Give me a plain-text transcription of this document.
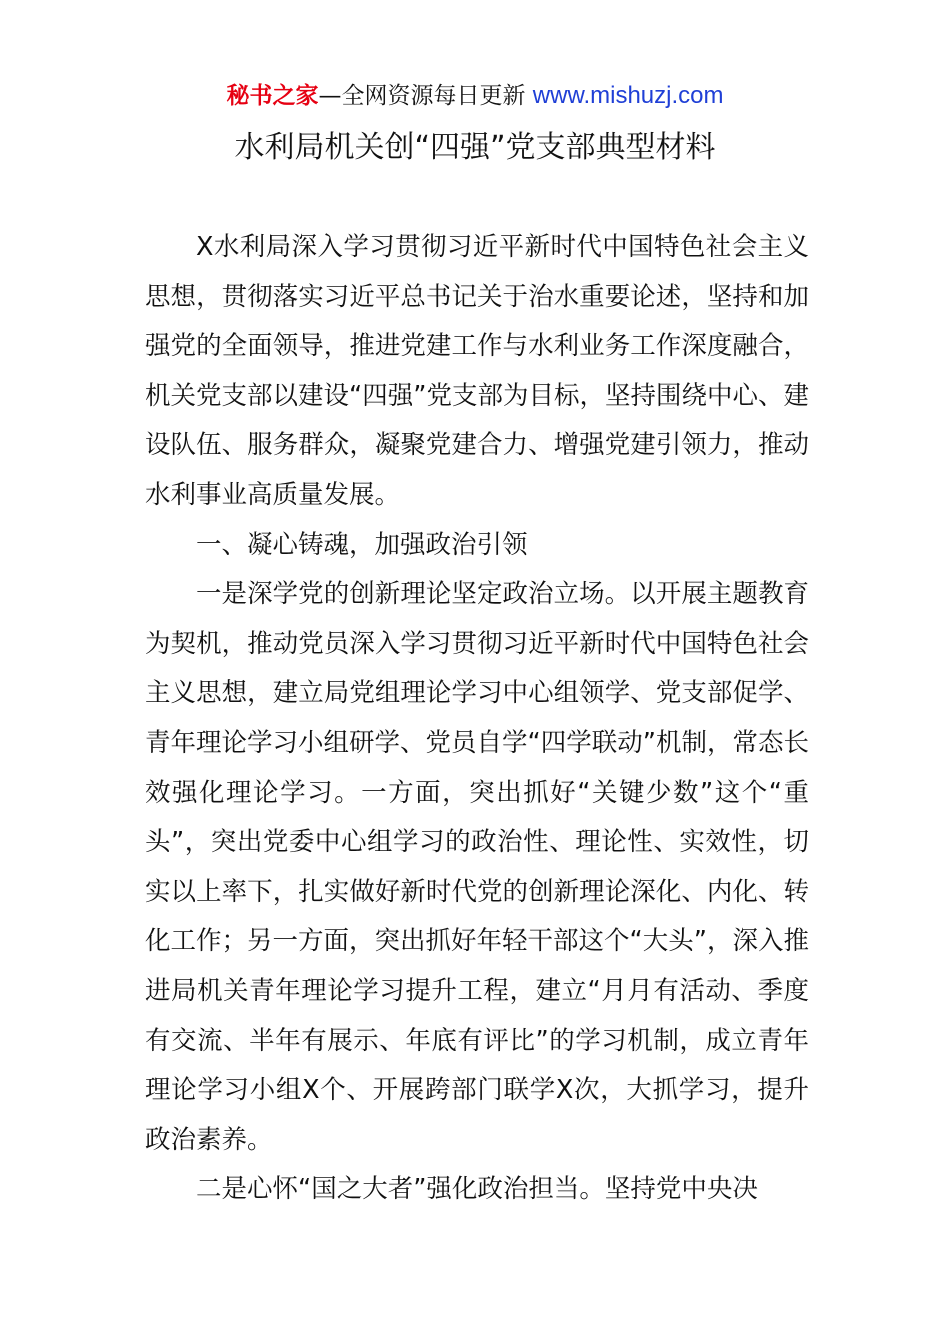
秘书之家—全网资源每日更新 www.mishuzj.com
水利局机关创“四强”党支部典型材料

X水利局深入学习贯彻习近平新时代中国特色社会主义思想，贯彻落实习近平总书记关于治水重要论述，坚持和加强党的全面领导，推进党建工作与水利业务工作深度融合，机关党支部以建设“四强”党支部为目标，坚持围绕中心、建设队伍、服务群众，凝聚党建合力、增强党建引领力，推动水利事业高质量发展。

一、凝心铸魂，加强政治引领

一是深学党的创新理论坚定政治立场。以开展主题教育为契机，推动党员深入学习贯彻习近平新时代中国特色社会主义思想，建立局党组理论学习中心组领学、党支部促学、青年理论学习小组研学、党员自学“四学联动”机制，常态长效强化理论学习。一方面，突出抓好“关键少数”这个“重头”，突出党委中心组学习的政治性、理论性、实效性，切实以上率下，扎实做好新时代党的创新理论深化、内化、转化工作；另一方面，突出抓好年轻干部这个“大头”，深入推进局机关青年理论学习提升工程，建立“月月有活动、季度有交流、半年有展示、年底有评比”的学习机制，成立青年理论学习小组X个、开展跨部门联学X次，大抓学习，提升政治素养。

二是心怀“国之大者”强化政治担当。坚持党中央决
